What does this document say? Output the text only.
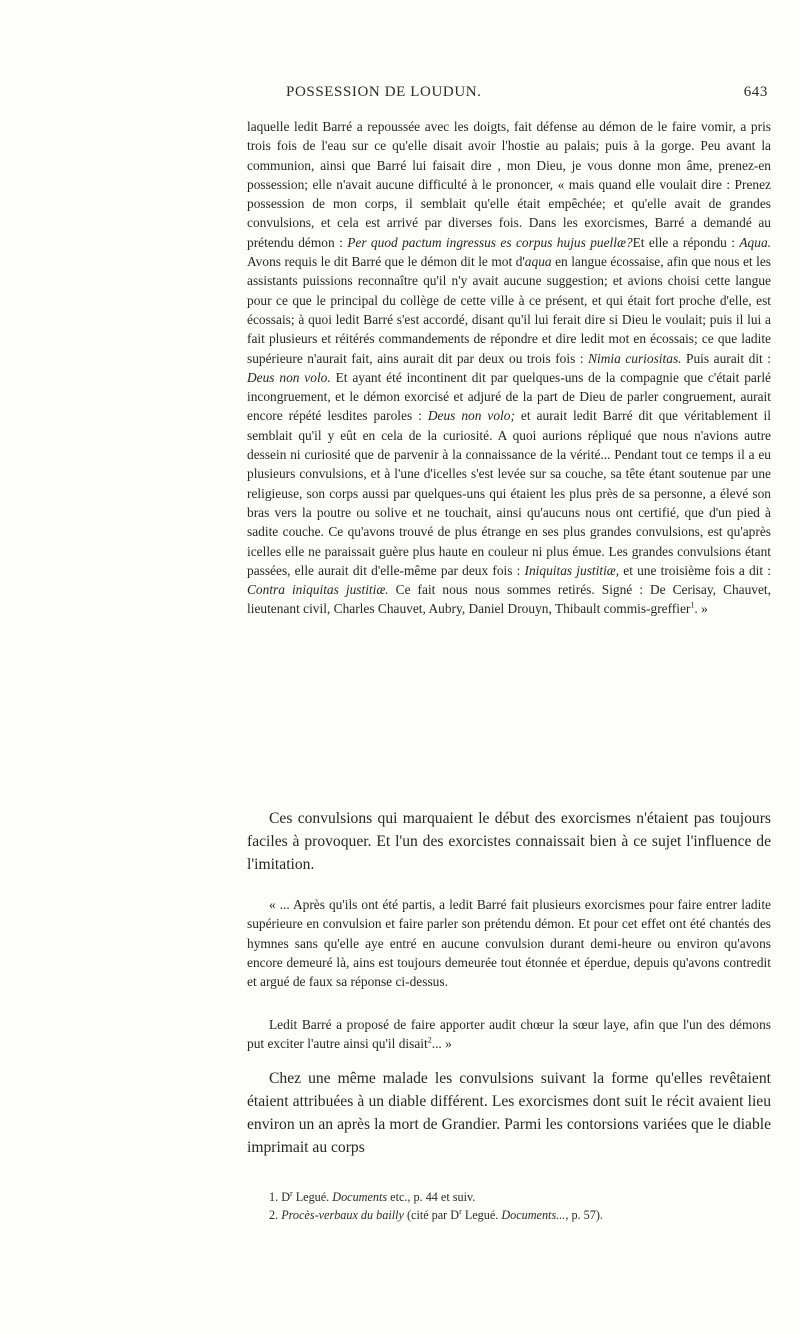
POSSESSION DE LOUDUN.	643

laquelle ledit Barré a repoussée avec les doigts, fait défense au démon de le faire vomir, a pris trois fois de l'eau sur ce qu'elle disait avoir l'hostie au palais; puis à la gorge. Peu avant la communion, ainsi que Barré lui faisait dire , mon Dieu, je vous donne mon âme, prenez-en possession; elle n'avait aucune difficulté à le prononcer, « mais quand elle voulait dire : Prenez possession de mon corps, il semblait qu'elle était empêchée; et qu'elle avait de grandes convulsions, et cela est arrivé par diverses fois. Dans les exorcismes, Barré a demandé au prétendu démon : Per quod pactum ingressus es corpus hujus puellæ?Et elle a répondu : Aqua. Avons requis le dit Barré que le démon dit le mot d'aqua en langue écossaise, afin que nous et les assistants puissions reconnaître qu'il n'y avait aucune suggestion; et avions choisi cette langue pour ce que le principal du collège de cette ville à ce présent, et qui était fort proche d'elle, est écossais; à quoi ledit Barré s'est accordé, disant qu'il lui ferait dire si Dieu le voulait; puis il lui a fait plusieurs et réitérés commandements de répondre et dire ledit mot en écossais; ce que ladite supérieure n'aurait fait, ains aurait dit par deux ou trois fois : Nimia curiositas. Puis aurait dit : Deus non volo. Et ayant été incontinent dit par quelques-uns de la compagnie que c'était parlé incongruement, et le démon exorcisé et adjuré de la part de Dieu de parler congruement, aurait encore répété lesdites paroles : Deus non volo; et aurait ledit Barré dit que véritablement il semblait qu'il y eût en cela de la curiosité. A quoi aurions répliqué que nous n'avions autre dessein ni curiosité que de parvenir à la connaissance de la vérité... Pendant tout ce temps il a eu plusieurs convulsions, et à l'une d'icelles s'est levée sur sa couche, sa tête étant soutenue par une religieuse, son corps aussi par quelques-uns qui étaient les plus près de sa personne, a élevé son bras vers la poutre ou solive et ne touchait, ainsi qu'aucuns nous ont certifié, que d'un pied à sadite couche. Ce qu'avons trouvé de plus étrange en ses plus grandes convulsions, est qu'après icelles elle ne paraissait guère plus haute en couleur ni plus émue. Les grandes convulsions étant passées, elle aurait dit d'elle-même par deux fois : Iniquitas justitiæ, et une troisième fois a dit : Contra iniquitas justitiæ. Ce fait nous nous sommes retirés. Signé : De Cerisay, Chauvet, lieutenant civil, Charles Chauvet, Aubry, Daniel Drouyn, Thibault commis-greffier$^1$. »

Ces convulsions qui marquaient le début des exorcismes n'étaient pas toujours faciles à provoquer. Et l'un des exorcistes connaissait bien à ce sujet l'influence de l'imitation.

« ... Après qu'ils ont été partis, a ledit Barré fait plusieurs exorcismes pour faire entrer ladite supérieure en convulsion et faire parler son prétendu démon. Et pour cet effet ont été chantés des hymnes sans qu'elle aye entré en aucune convulsion durant demi-heure ou environ qu'avons encore demeuré là, ains est toujours demeurée tout étonnée et éperdue, depuis qu'avons contredit et argué de faux sa réponse ci-dessus.

Ledit Barré a proposé de faire apporter audit chœur la sœur laye, afin que l'un des démons put exciter l'autre ainsi qu'il disait$^2$... »

Chez une même malade les convulsions suivant la forme qu'elles revêtaient étaient attribuées à un diable différent. Les exorcismes dont suit le récit avaient lieu environ un an après la mort de Grandier. Parmi les contorsions variées que le diable imprimait au corps

1. $D^r$ Legué. Documents etc., p. 44 et suiv.
2. Procès-verbaux du bailly (cité par $D^r$ Legué. Documents..., p. 57).
